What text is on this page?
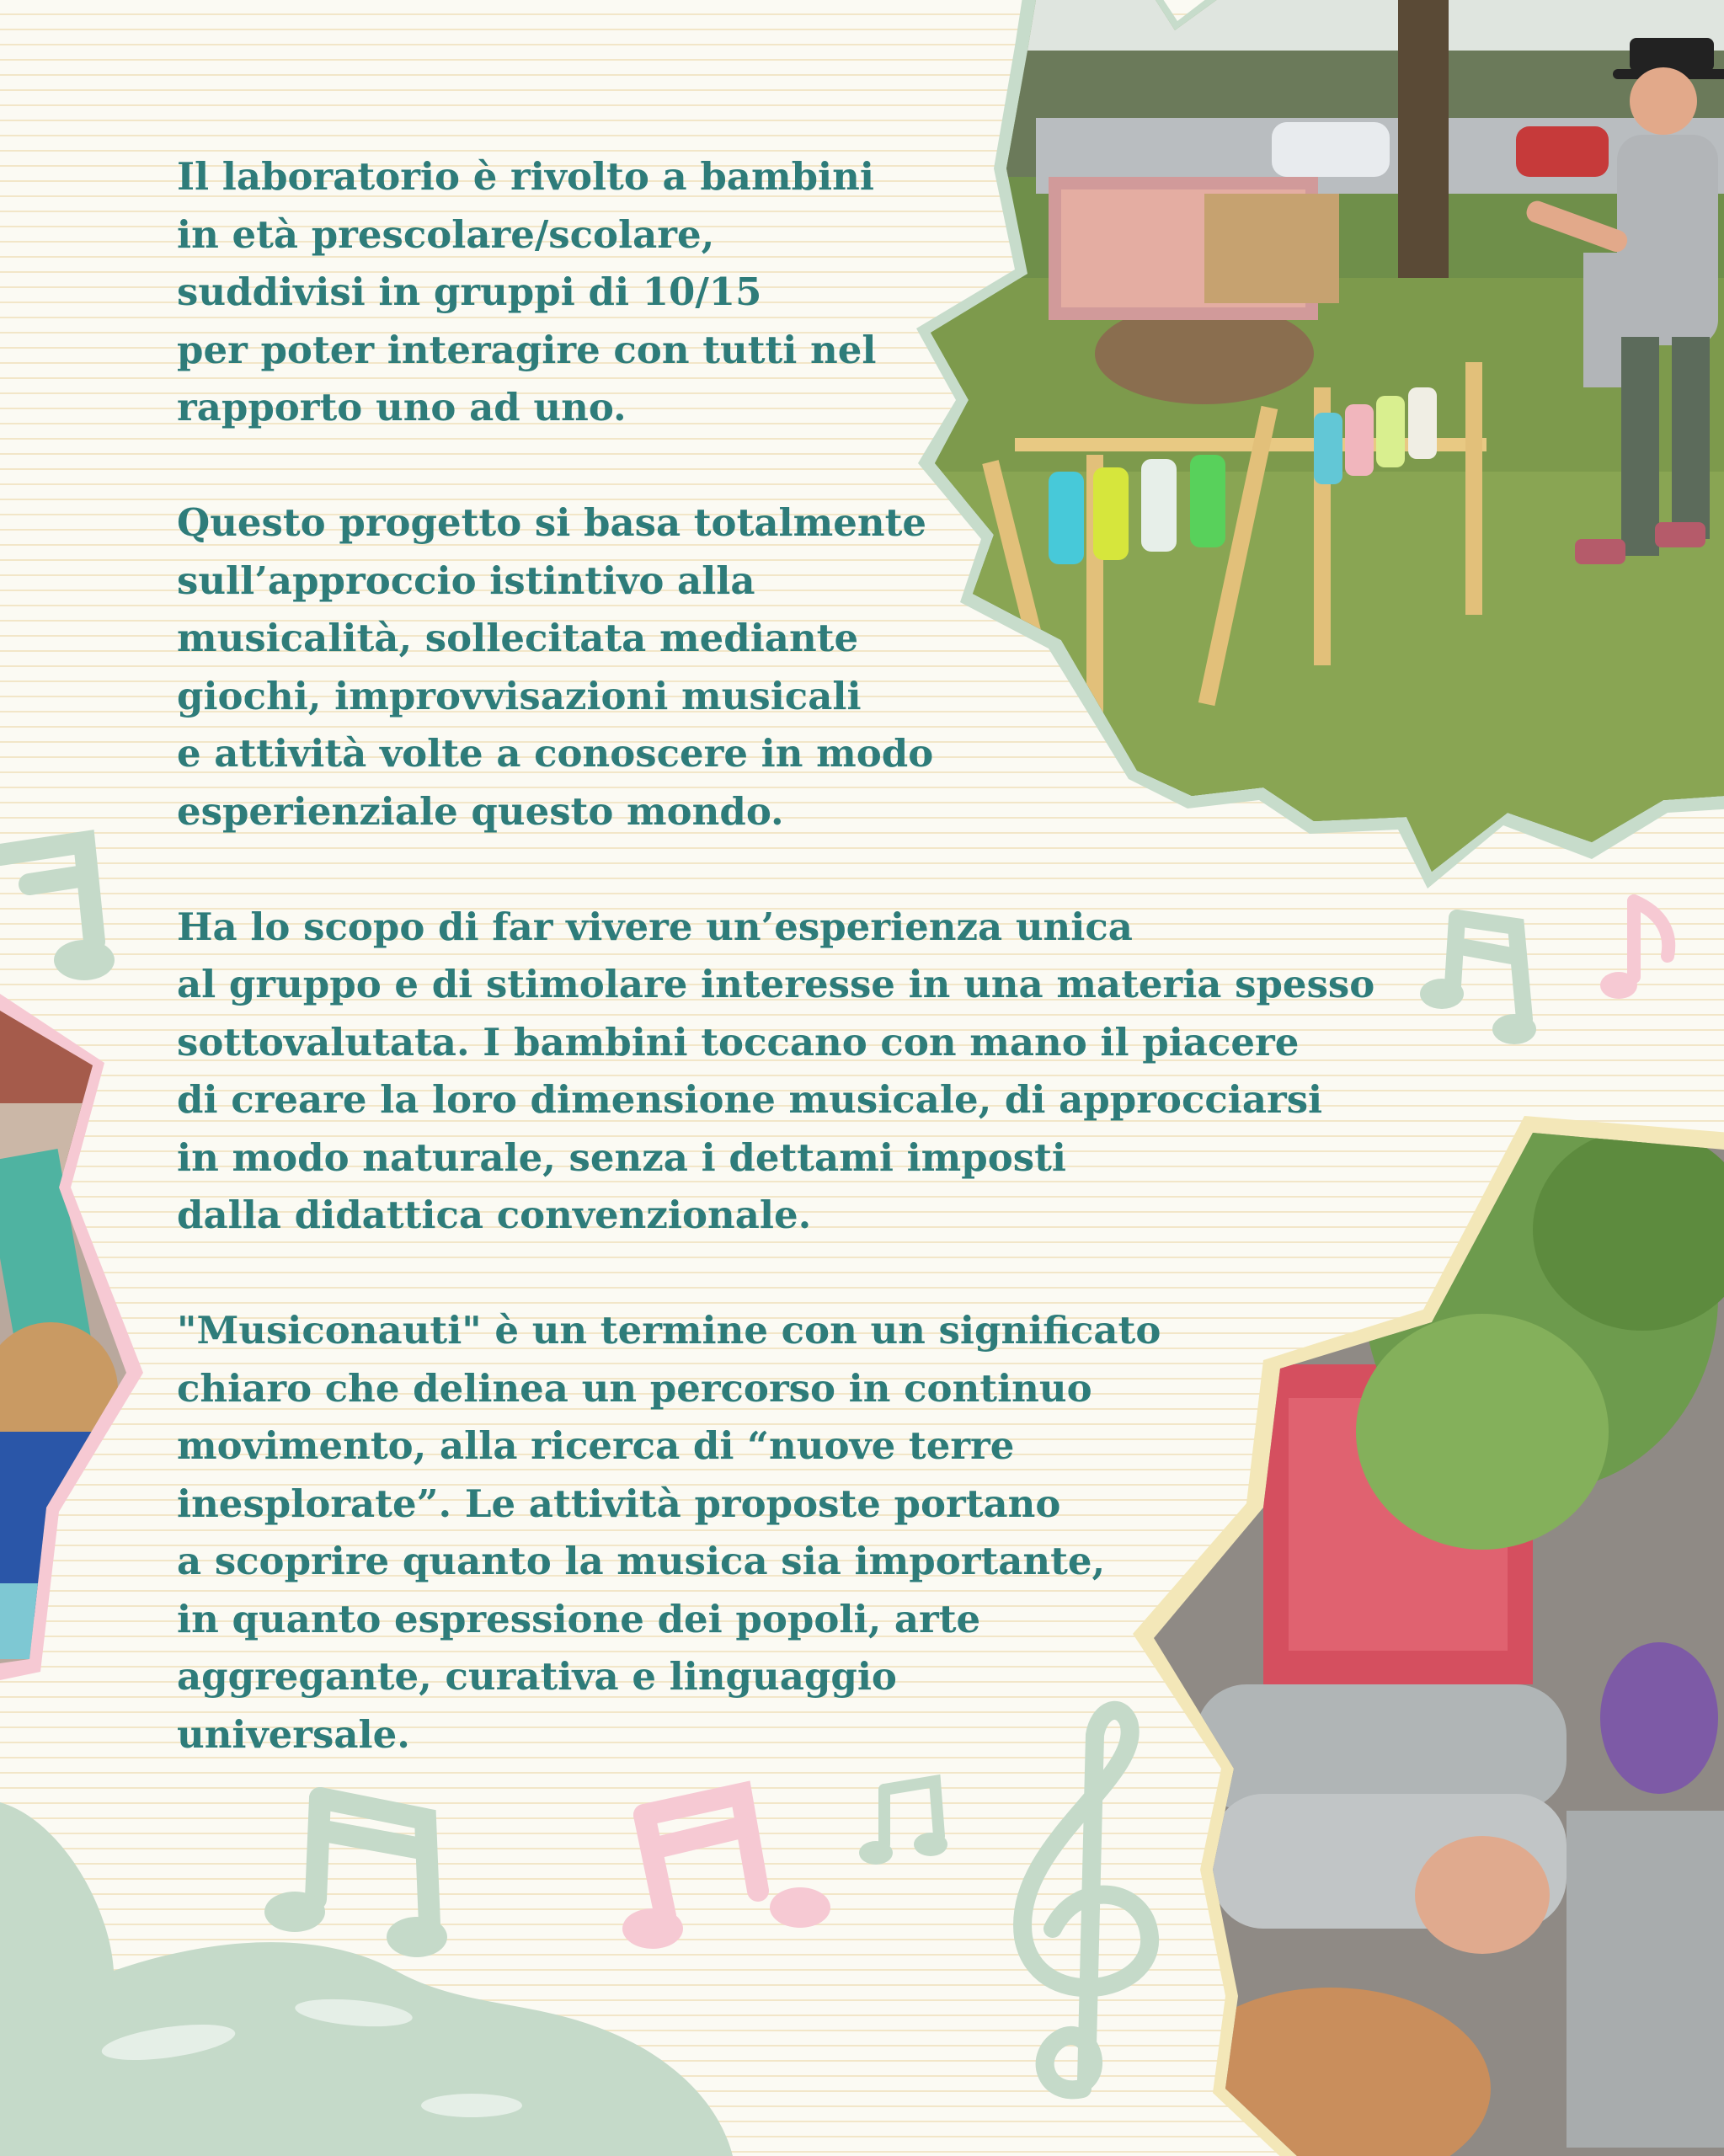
Il laboratorio è rivolto a bambini
in età prescolare/scolare,
suddivisi in gruppi di 10/15
per poter interagire con tutti nel
rapporto uno ad uno.

Questo progetto si basa totalmente
sull’approccio istintivo alla
musicalità, sollecitata mediante
giochi, improvvisazioni musicali
e attività volte a conoscere in modo
esperienziale questo mondo.

Ha lo scopo di far vivere un’esperienza unica
al gruppo e di stimolare interesse in una materia spesso
sottovalutata. I bambini toccano con mano il piacere
di creare la loro dimensione musicale, di approcciarsi
in modo naturale, senza i dettami imposti
dalla didattica convenzionale.

"Musiconauti" è un termine con un significato
chiaro che delinea un percorso in continuo
movimento, alla ricerca di “nuove terre
inesplorate”. Le attività proposte portano
a scoprire quanto la musica sia importante,
in quanto espressione dei popoli, arte
aggregante, curativa e linguaggio
universale.
